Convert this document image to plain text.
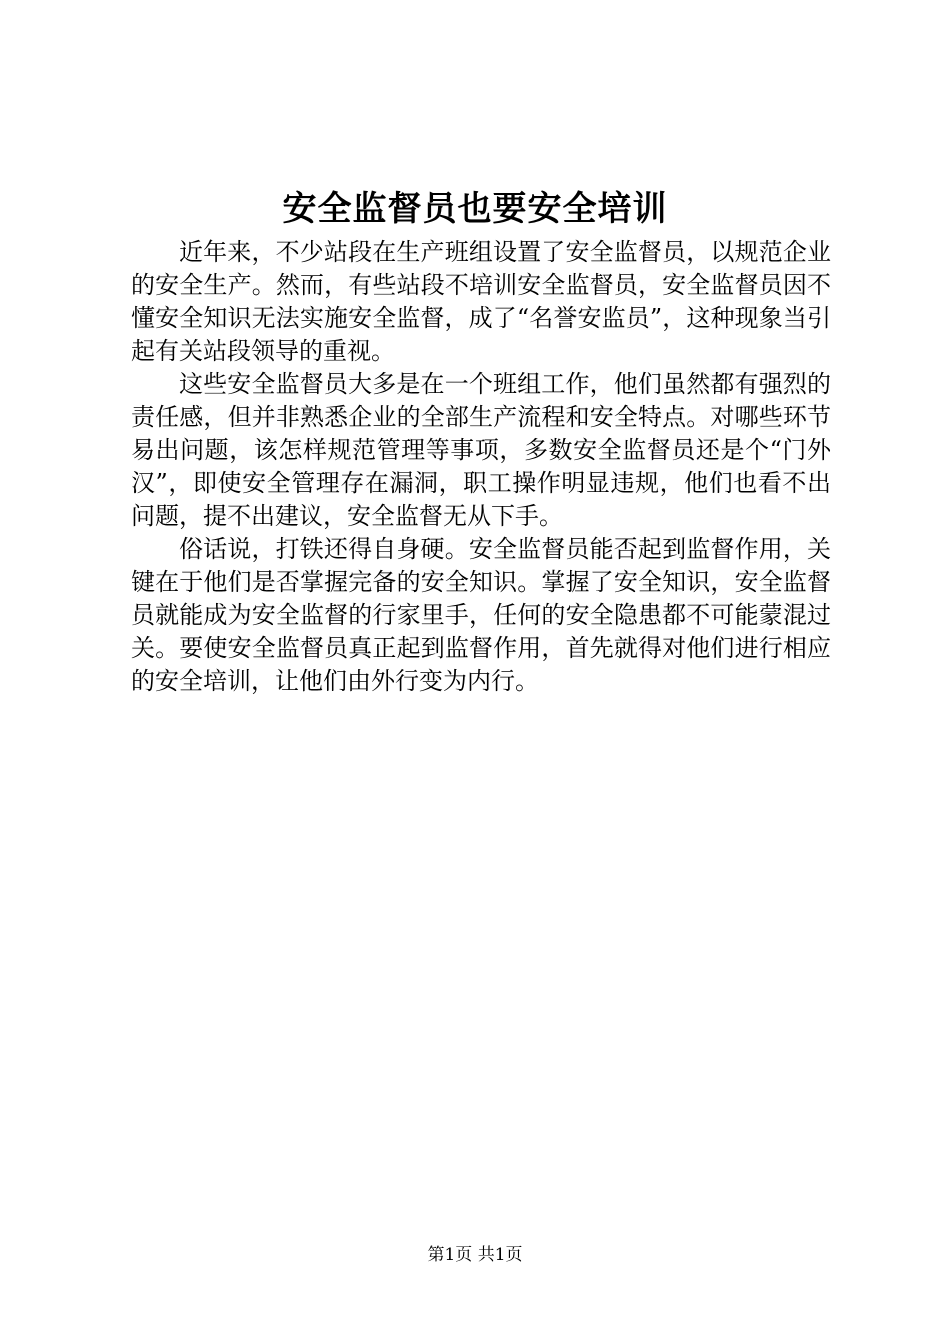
安全监督员也要安全培训

近年来，不少站段在生产班组设置了安全监督员，以规范企业的安全生产。然而，有些站段不培训安全监督员，安全监督员因不懂安全知识无法实施安全监督，成了“名誉安监员”，这种现象当引起有关站段领导的重视。

这些安全监督员大多是在一个班组工作，他们虽然都有强烈的责任感，但并非熟悉企业的全部生产流程和安全特点。对哪些环节易出问题，该怎样规范管理等事项，多数安全监督员还是个“门外汉”，即使安全管理存在漏洞，职工操作明显违规，他们也看不出问题，提不出建议，安全监督无从下手。

俗话说，打铁还得自身硬。安全监督员能否起到监督作用，关键在于他们是否掌握完备的安全知识。掌握了安全知识，安全监督员就能成为安全监督的行家里手，任何的安全隐患都不可能蒙混过关。要使安全监督员真正起到监督作用，首先就得对他们进行相应的安全培训，让他们由外行变为内行。

第1页 共1页
